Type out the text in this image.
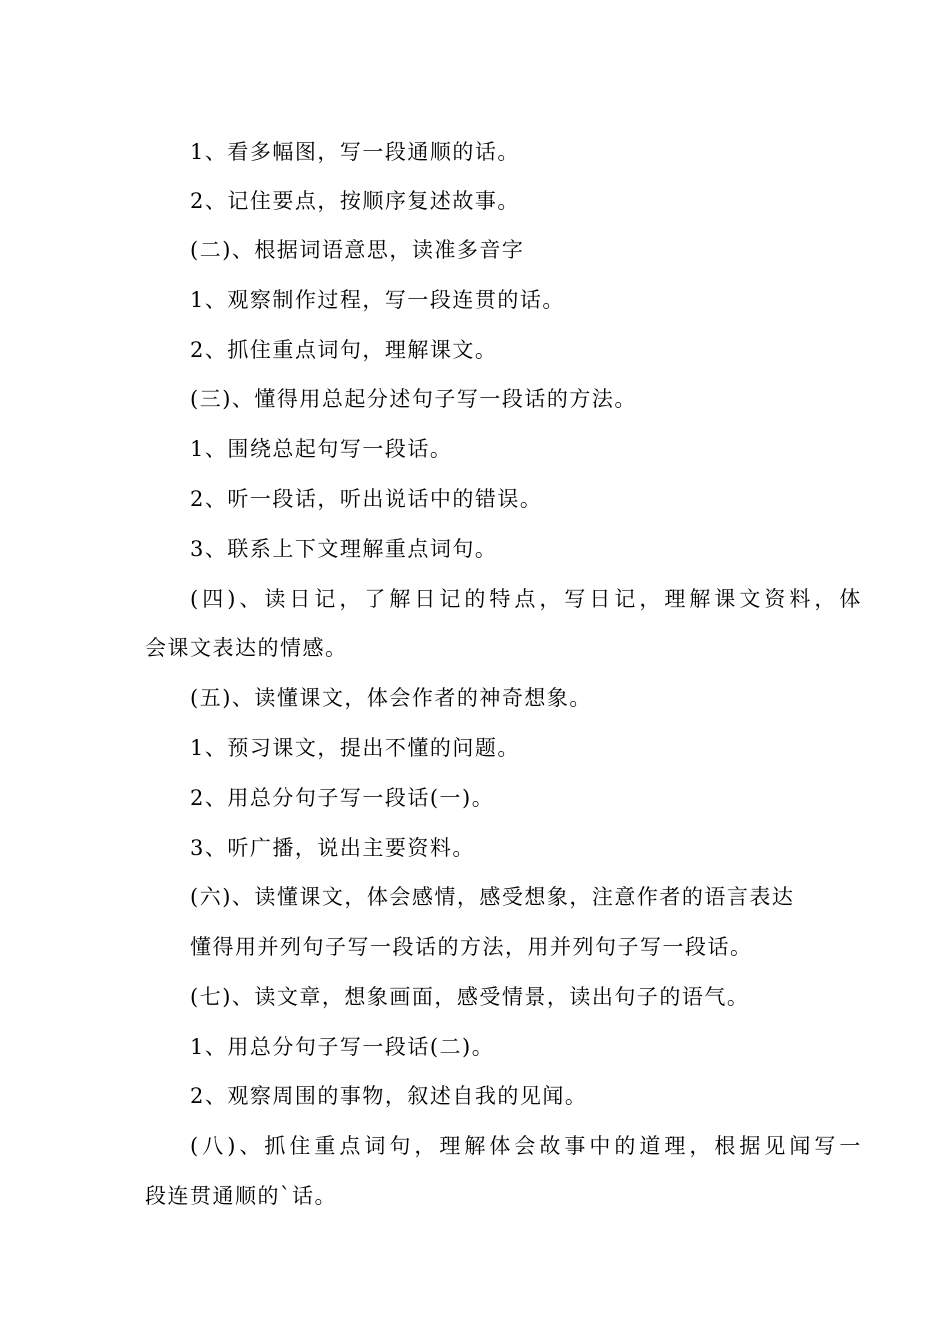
1、看多幅图，写一段通顺的话。
2、记住要点，按顺序复述故事。
(二)、根据词语意思，读准多音字
1、观察制作过程，写一段连贯的话。
2、抓住重点词句，理解课文。
(三)、懂得用总起分述句子写一段话的方法。
1、围绕总起句写一段话。
2、听一段话，听出说话中的错误。
3、联系上下文理解重点词句。
(四)、读日记，了解日记的特点，写日记，理解课文资料，体
会课文表达的情感。
(五)、读懂课文，体会作者的神奇想象。
1、预习课文，提出不懂的问题。
2、用总分句子写一段话(一)。
3、听广播，说出主要资料。
(六)、读懂课文，体会感情，感受想象，注意作者的语言表达
懂得用并列句子写一段话的方法，用并列句子写一段话。
(七)、读文章，想象画面，感受情景，读出句子的语气。
1、用总分句子写一段话(二)。
2、观察周围的事物，叙述自我的见闻。
(八)、抓住重点词句，理解体会故事中的道理，根据见闻写一
段连贯通顺的`话。
